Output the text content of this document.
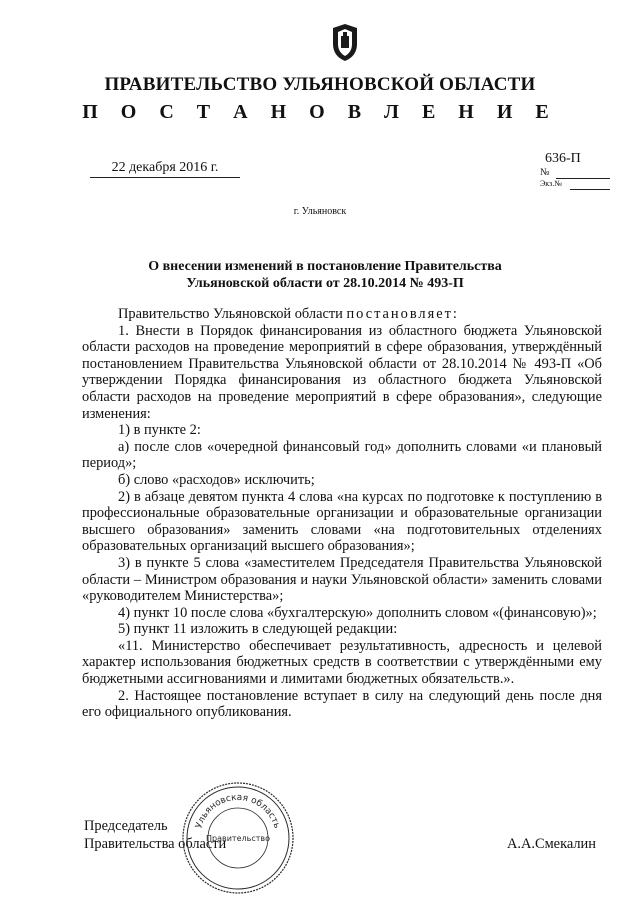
ПРАВИТЕЛЬСТВО УЛЬЯНОВСКОЙ ОБЛАСТИ
П О С Т А Н О В Л Е Н И Е
22 декабря 2016 г.
636-П
№
Экз.№
г. Ульяновск
О внесении изменений в постановление Правительства
Ульяновской области от 28.10.2014 № 493-П

Правительство Ульяновской области постановляет:

1. Внести в Порядок финансирования из областного бюджета Ульяновской области расходов на проведение мероприятий в сфере образования, утверждённый постановлением Правительства Ульяновской области от 28.10.2014 № 493-П «Об утверждении Порядка финансирования из областного бюджета Ульяновской области расходов на проведение мероприятий в сфере образования», следующие изменения:

1) в пункте 2:

а) после слов «очередной финансовый год» дополнить словами «и плановый период»;

б) слово «расходов» исключить;

2) в абзаце девятом пункта 4 слова «на курсах по подготовке к поступлению в профессиональные образовательные организации и образовательные организации высшего образования» заменить словами «на подготовительных отделениях образовательных организаций высшего образования»;

3) в пункте 5 слова «заместителем Председателя Правительства Ульяновской области – Министром образования и науки Ульяновской области» заменить словами «руководителем Министерства»;

4) пункт 10 после слова «бухгалтерскую» дополнить словом «(финансовую)»;

5) пункт 11 изложить в следующей редакции:

«11. Министерство обеспечивает результативность, адресность и целевой характер использования бюджетных средств в соответствии с утверждёнными ему бюджетными ассигнованиями и лимитами бюджетных обязательств.».

2. Настоящее постановление вступает в силу на следующий день после дня его официального опубликования.

Председатель
Правительства области	А.А.Смекалин
Ульяновская область
Правительство
